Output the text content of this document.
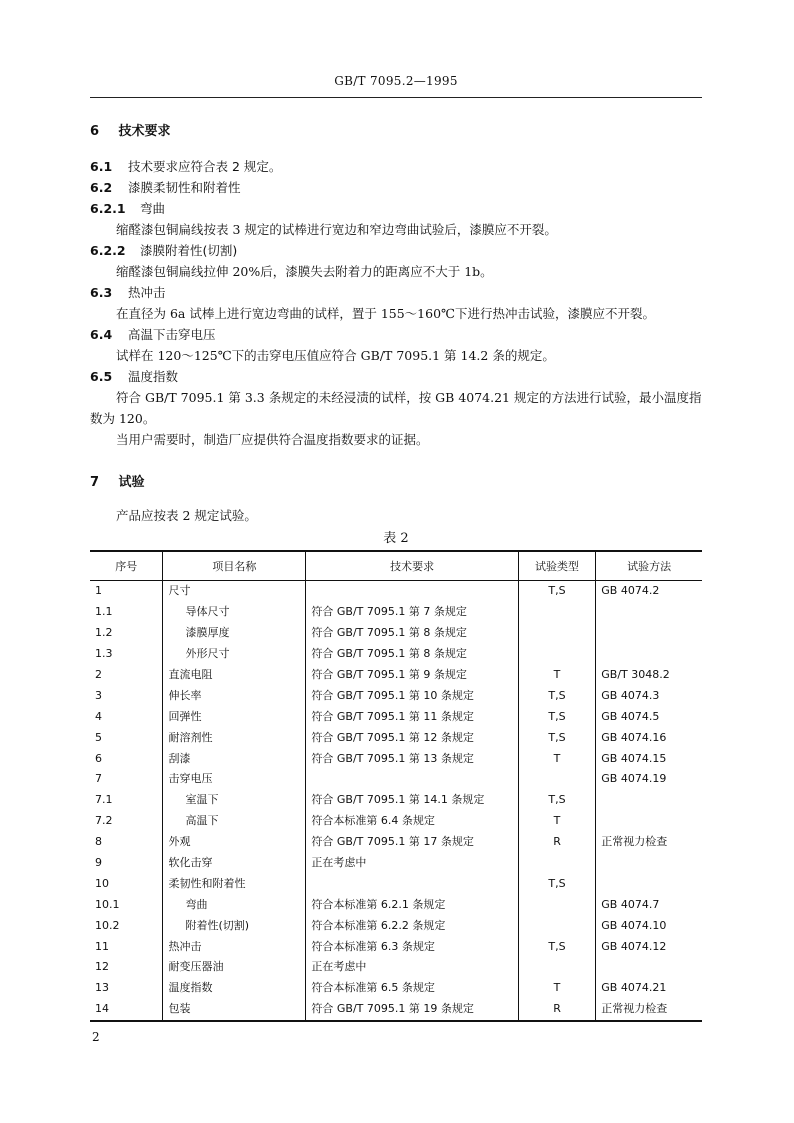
GB/T 7095.2—1995
6 技术要求
6.1 技术要求应符合表 2 规定。
6.2 漆膜柔韧性和附着性
6.2.1 弯曲

缩醛漆包铜扁线按表 3 规定的试棒进行宽边和窄边弯曲试验后，漆膜应不开裂。

6.2.2 漆膜附着性(切割)

缩醛漆包铜扁线拉伸 20%后，漆膜失去附着力的距离应不大于 1b。

6.3 热冲击

在直径为 6a 试棒上进行宽边弯曲的试样，置于 155～160℃下进行热冲击试验，漆膜应不开裂。

6.4 高温下击穿电压

试样在 120～125℃下的击穿电压值应符合 GB/T 7095.1 第 14.2 条的规定。

6.5 温度指数

符合 GB/T 7095.1 第 3.3 条规定的未经浸渍的试样，按 GB 4074.21 规定的方法进行试验，最小温度指数为 120。

当用户需要时，制造厂应提供符合温度指数要求的证据。

7 试验

产品应按表 2 规定试验。

表 2
序号	项目名称	技术要求	试验类型	试验方法
1	尺寸		T,S	GB 4074.2
1.1	导体尺寸	符合 GB/T 7095.1 第 7 条规定		
1.2	漆膜厚度	符合 GB/T 7095.1 第 8 条规定		
1.3	外形尺寸	符合 GB/T 7095.1 第 8 条规定		
2	直流电阻	符合 GB/T 7095.1 第 9 条规定	T	GB/T 3048.2
3	伸长率	符合 GB/T 7095.1 第 10 条规定	T,S	GB 4074.3
4	回弹性	符合 GB/T 7095.1 第 11 条规定	T,S	GB 4074.5
5	耐溶剂性	符合 GB/T 7095.1 第 12 条规定	T,S	GB 4074.16
6	刮漆	符合 GB/T 7095.1 第 13 条规定	T	GB 4074.15
7	击穿电压			GB 4074.19
7.1	室温下	符合 GB/T 7095.1 第 14.1 条规定	T,S	
7.2	高温下	符合本标准第 6.4 条规定	T	
8	外观	符合 GB/T 7095.1 第 17 条规定	R	正常视力检查
9	软化击穿	正在考虑中		
10	柔韧性和附着性		T,S	
10.1	弯曲	符合本标准第 6.2.1 条规定		GB 4074.7
10.2	附着性(切割)	符合本标准第 6.2.2 条规定		GB 4074.10
11	热冲击	符合本标准第 6.3 条规定	T,S	GB 4074.12
12	耐变压器油	正在考虑中		
13	温度指数	符合本标准第 6.5 条规定	T	GB 4074.21
14	包装	符合 GB/T 7095.1 第 19 条规定	R	正常视力检查
2
